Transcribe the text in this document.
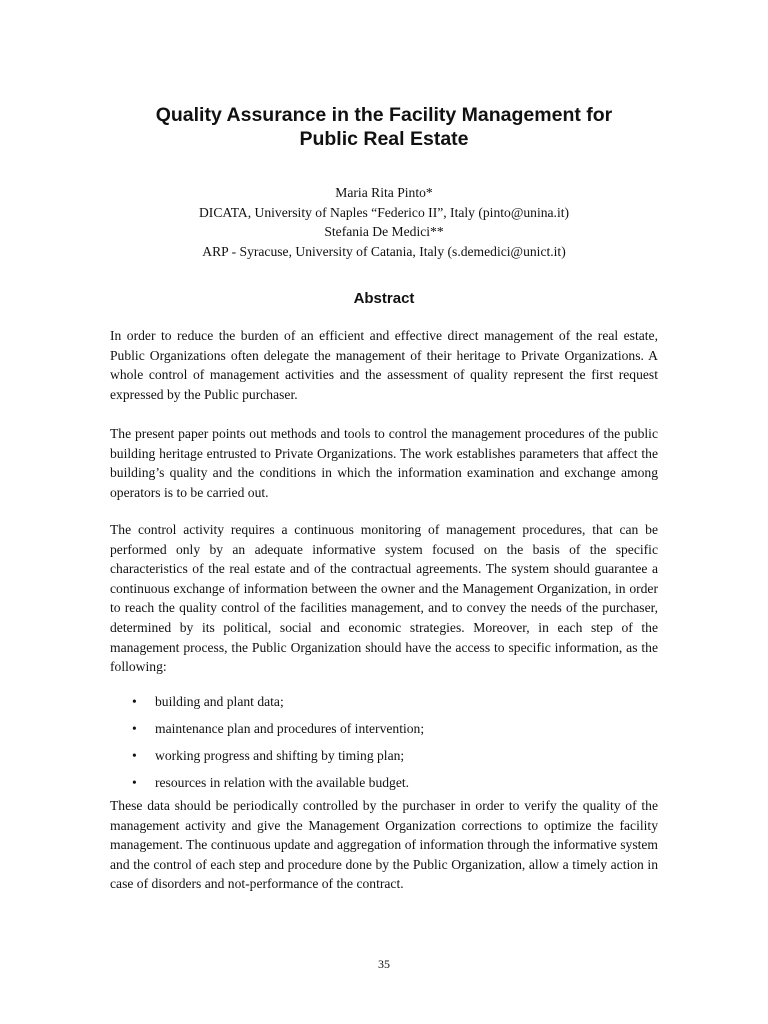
Quality Assurance in the Facility Management for
Public Real Estate
Maria Rita Pinto*
DICATA, University of Naples “Federico II”, Italy (pinto@unina.it)
Stefania De Medici**
ARP - Syracuse, University of Catania, Italy (s.demedici@unict.it)
Abstract

In order to reduce the burden of an efficient and effective direct management of the real estate, Public Organizations often delegate the management of their heritage to Private Organizations. A whole control of management activities and the assessment of quality represent the first request expressed by the Public purchaser.

The present paper points out methods and tools to control the management procedures of the public building heritage entrusted to Private Organizations. The work establishes parameters that affect the building’s quality and the conditions in which the information examination and exchange among operators is to be carried out.

The control activity requires a continuous monitoring of management procedures, that can be performed only by an adequate informative system focused on the basis of the specific characteristics of the real estate and of the contractual agreements. The system should guarantee a continuous exchange of information between the owner and the Management Organization, in order to reach the quality control of the facilities management, and to convey the needs of the purchaser, determined by its political, social and economic strategies. Moreover, in each step of the management process, the Public Organization should have the access to specific information, as the following:

• building and plant data;
• maintenance plan and procedures of intervention;
• working progress and shifting by timing plan;
• resources in relation with the available budget.

These data should be periodically controlled by the purchaser in order to verify the quality of the management activity and give the Management Organization corrections to optimize the facility management. The continuous update and aggregation of information through the informative system and the control of each step and procedure done by the Public Organization, allow a timely action in case of disorders and not-performance of the contract.

35
